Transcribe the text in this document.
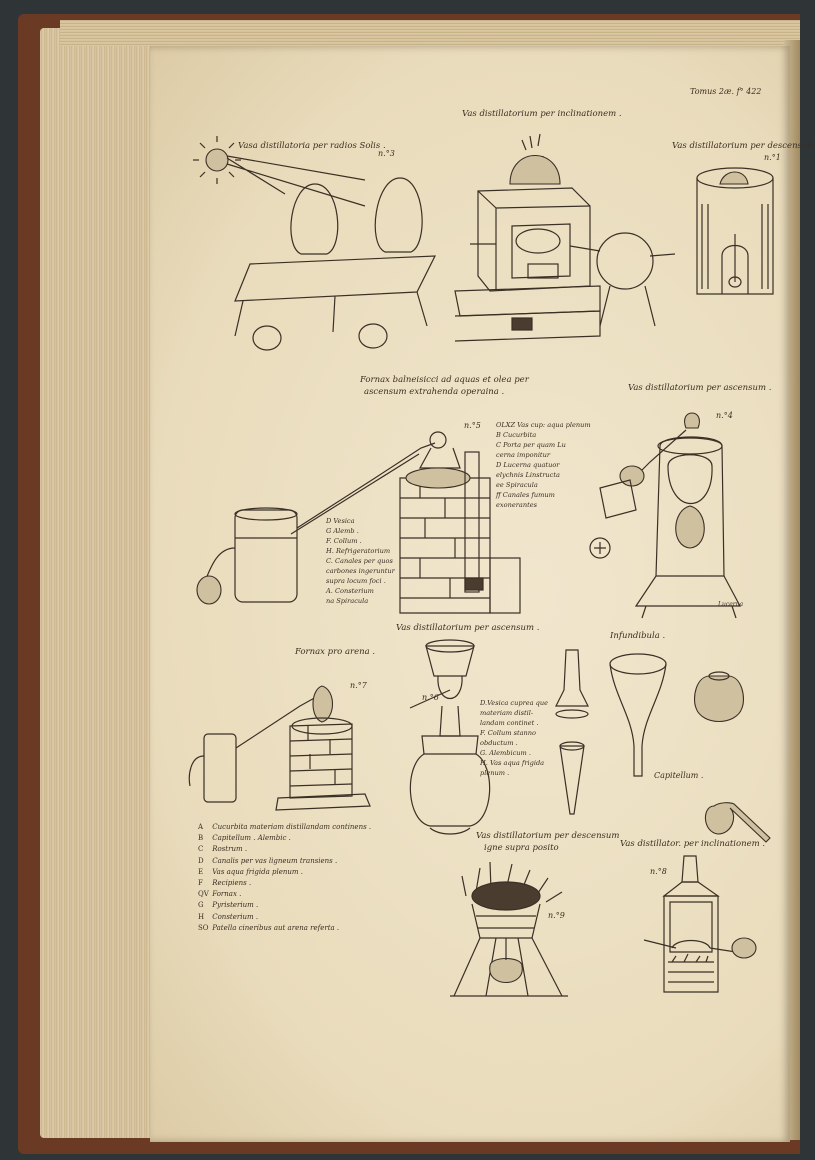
Tomus 2æ. f° 422
Vasa distillatoria per radios Solis .
n.°3
Vas distillatorium per inclinationem .
Vas distillatorium per descensum
n.°1
Fornax balneisicci ad aquas et olea per
ascensum extrahenda operaina .
n.°5
D Vesica
G Alemb .
F. Collum .
H. Refrigeratorium
C. Canales per quos
carbones ingeruntur
supra locum foci .
A. Consterium
na Spiracula
OLXZ Vas cup: aqua plenum
B Cucurbita
C Porta per quam Lu
cerna imponitur
D Lucerna quatuor
elychnis Linstructa
ee Spiracula
ff Canales fumum
exonerantes
Vas distillatorium per ascensum .
n.°4
Lucerna
Fornax pro arena .
n.°7
Vas distillatorium per ascensum .
n.°6
D.Vesica cuprea que
materiam distil-
landam continet .
F. Collum stanno
obductum .
G. Alembicum .
H. Vas aqua frigida
plenum .
Infundibula .
Capitellum .
A Cucurbita materiam distillandam continens .
B Capitellum . Alembic .
C Rostrum .
D Canalis per vas ligneum transiens .
E Vas aqua frigida plenum .
F Recipiens .
QV Fornax .
G Pyristerium .
H Consterium .
SO Patella cineribus aut arena referta .
Vas distillatorium per descensum
igne supra posito
n.°9
Vas distillator. per inclinationem .
n.°8
